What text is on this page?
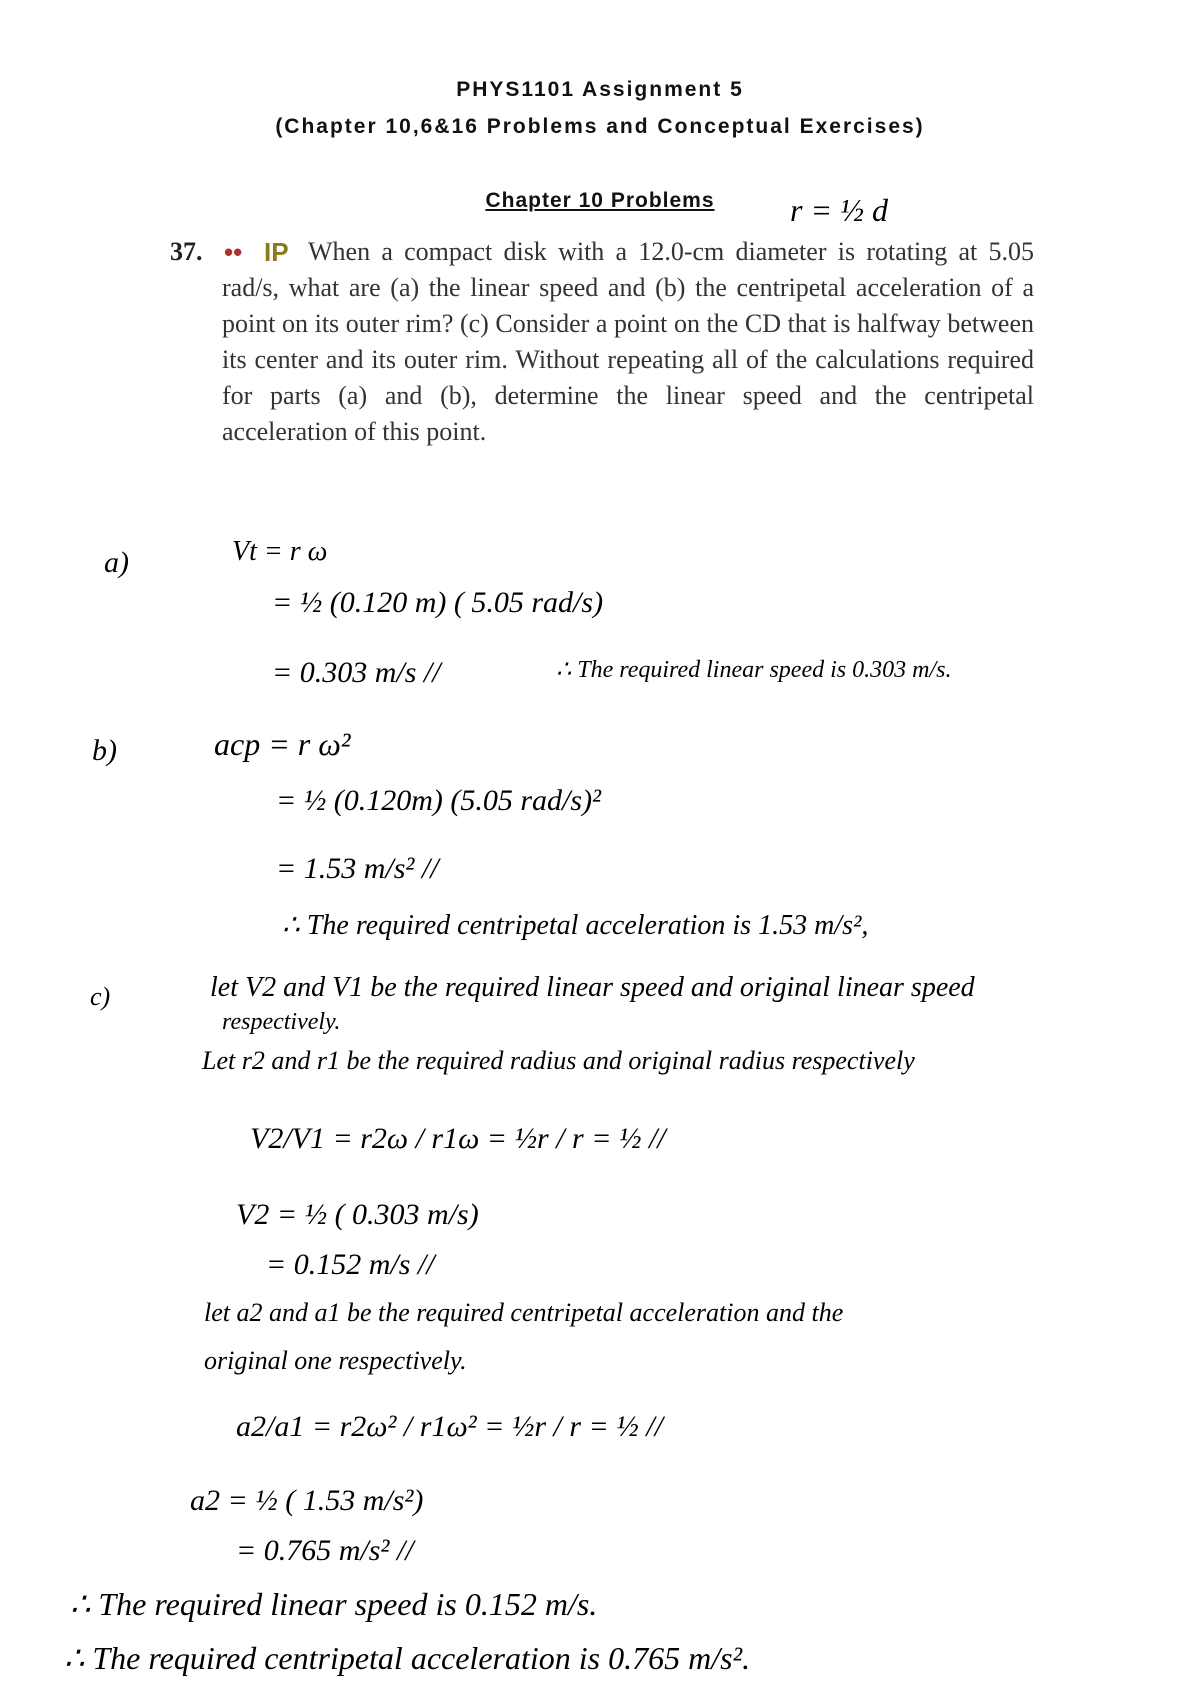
PHYS1101 Assignment 5
(Chapter 10,6&16 Problems and Conceptual Exercises)
Chapter 10 Problems
37. •• IP When a compact disk with a 12.0-cm diameter is rotating at 5.05 rad/s, what are (a) the linear speed and (b) the centripetal acceleration of a point on its outer rim? (c) Consider a point on the CD that is halfway between its center and its outer rim. Without repeating all of the calculations required for parts (a) and (b), determine the linear speed and the centripetal acceleration of this point.
r = ½ d
a)	Vt = r ω
= ½ (0.120 m) ( 5.05 rad/s)
= 0.303 m/s //	∴ The required linear speed is 0.303 m/s.
b)	acp = r ω²
= ½ (0.120m) (5.05 rad/s)²
= 1.53 m/s² //
∴ The required centripetal acceleration is 1.53 m/s²,
c)	let V2 and V1 be the required linear speed and original linear speed
respectively.
Let r2 and r1 be the required radius and original radius respectively
V2/V1 = r2ω / r1ω = ½r / r = ½ //
V2 = ½ ( 0.303 m/s)
= 0.152 m/s //
let a2 and a1 be the required centripetal acceleration and the
original one respectively.
a2/a1 = r2ω² / r1ω² = ½r / r = ½ //
a2 = ½ ( 1.53 m/s²)
= 0.765 m/s² //
∴ The required linear speed is 0.152 m/s.
∴ The required centripetal acceleration is 0.765 m/s².
